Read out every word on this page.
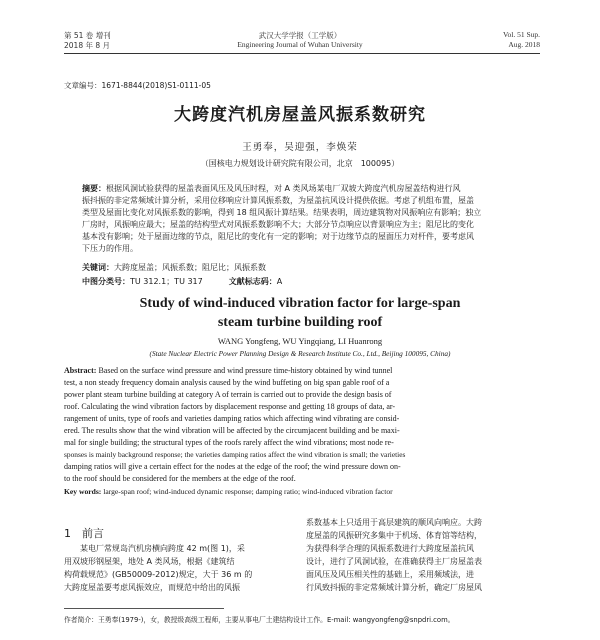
第 51 卷 增刊
2018 年 8 月
武汉大学学报（工学版）
Engineering Journal of Wuhan University
Vol. 51 Sup.
Aug. 2018
文章编号：1671-8844(2018)S1-0111-05
大跨度汽机房屋盖风振系数研究
王勇奉，吴迎强，李焕荣
（国核电力规划设计研究院有限公司，北京　100095）
摘要：根据风洞试验获得的屋盖表面风压及风压时程，对 A 类风场某电厂双坡大跨度汽机房屋盖结构进行风
振抖振的非定常频域计算分析，采用位移响应计算风振系数，为屋盖抗风设计提供依据。考虑了机组布置，屋盖
类型及屋面比变化对风振系数的影响，得到 18 组风振计算结果。结果表明，周边建筑物对风振响应有影响；独立
厂房时，风振响应最大；屋盖的结构型式对风振系数影响不大；大部分节点响应以背景响应为主；阻尼比的变化
基本没有影响；处于屋面边缘的节点，阻尼比的变化有一定的影响；对于边缘节点的屋面压力对杆件，要考虑风
下压力的作用。
关键词：大跨度屋盖；风振系数；阻尼比；风振系数
中图分类号：TU 312.1；TU 317	文献标志码：A
Study of wind-induced vibration factor for large-span
steam turbine building roof
WANG Yongfeng, WU Yingqiang, LI Huanrong
(State Nuclear Electric Power Planning Design & Research Institute Co., Ltd., Beijing 100095, China)
Abstract: Based on the surface wind pressure and wind pressure time-history obtained by wind tunnel
test, a non steady frequency domain analysis caused by the wind buffeting on big span gable roof of a
power plant steam turbine building at category A of terrain is carried out to provide the design basis of
roof. Calculating the wind vibration factors by displacement response and getting 18 groups of data, ar-
rangement of units, type of roofs and varieties damping ratios which affecting wind vibrating are consid-
ered. The results show that the wind vibration will be affected by the circumjacent building and be maxi-
mal for single building; the structural types of the roofs rarely affect the wind vibrations; most node re-
sponses is mainly background response; the varieties damping ratios affect the wind vibration is small; the varieties
damping ratios will give a certain effect for the nodes at the edge of the roof; the wind pressure down on-
to the roof should be considered for the members at the edge of the roof.
Key words: large-span roof; wind-induced dynamic response; damping ratio; wind-induced vibration factor
1　前言
某电厂常规岛汽机房横向跨度 42 m(图 1)，采
用双坡形钢屋架，地处 A 类风场，根据《建筑结
构荷载规范》(GB50009-2012)规定，大于 36 m 的
大跨度屋盖要考虑风振效应，而规范中给出的风振
系数基本上只适用于高层建筑的顺风向响应。大跨
度屋盖的风振研究多集中于机场、体育馆等结构，
为获得科学合理的风振系数进行大跨度屋盖抗风
设计，进行了风洞试验，在准确获得主厂房屋盖表
面风压及风压相关性的基础上，采用频域法，进
行风致抖振的非定常频域计算分析，确定厂房屋风
作者简介：王勇奉(1979-)，女，教授级高级工程师，主要从事电厂土建结构设计工作。E-mail: wangyongfeng@snpdri.com。
